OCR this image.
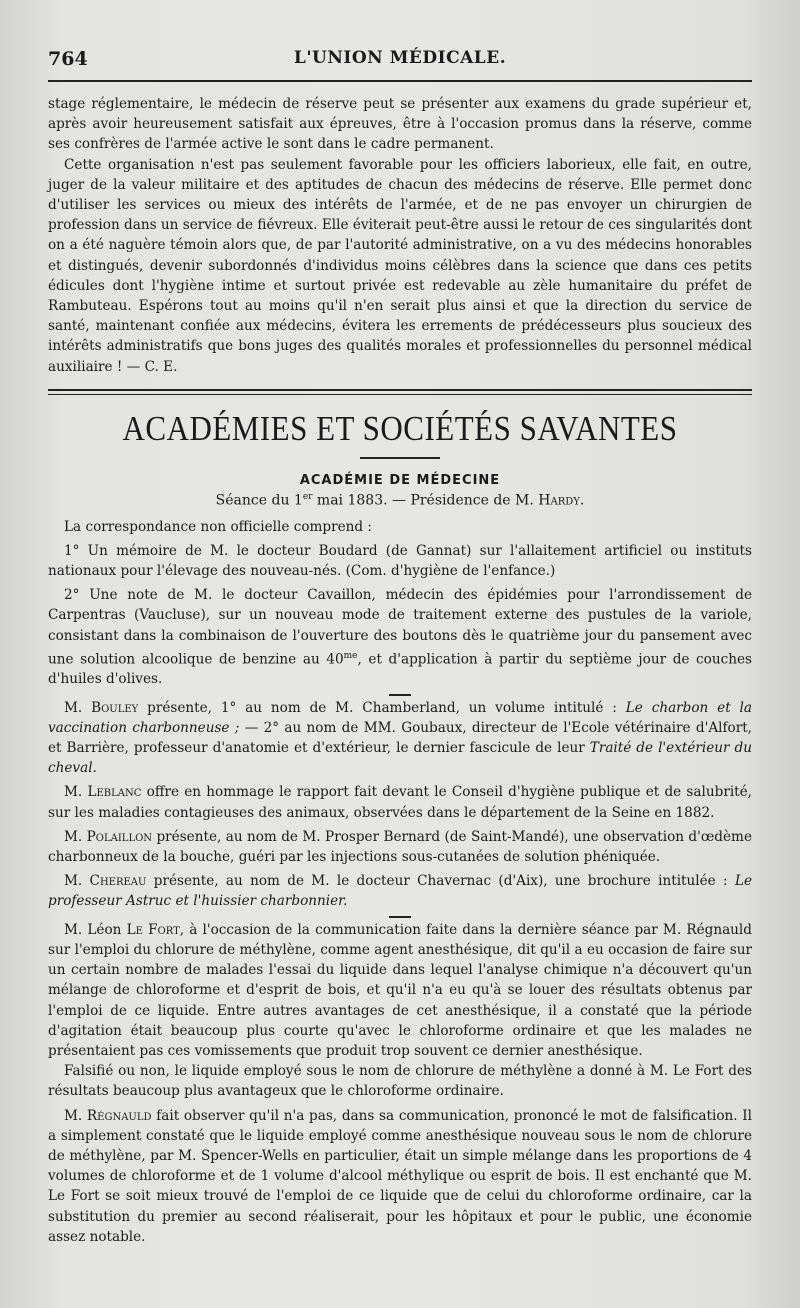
764	L'UNION MÉDICALE.

stage réglementaire, le médecin de réserve peut se présenter aux examens du grade supérieur et, après avoir heureusement satisfait aux épreuves, être à l'occasion promus dans la réserve, comme ses confrères de l'armée active le sont dans le cadre permanent.

Cette organisation n'est pas seulement favorable pour les officiers laborieux, elle fait, en outre, juger de la valeur militaire et des aptitudes de chacun des médecins de réserve. Elle permet donc d'utiliser les services ou mieux des intérêts de l'armée, et de ne pas envoyer un chirurgien de profession dans un service de fiévreux. Elle éviterait peut-être aussi le retour de ces singularités dont on a été naguère témoin alors que, de par l'autorité administrative, on a vu des médecins honorables et distingués, devenir subordonnés d'individus moins célèbres dans la science que dans ces petits édicules dont l'hygiène intime et surtout privée est redevable au zèle humanitaire du préfet de Rambuteau. Espérons tout au moins qu'il n'en serait plus ainsi et que la direction du service de santé, maintenant confiée aux médecins, évitera les errements de prédécesseurs plus soucieux des intérêts administratifs que bons juges des qualités morales et professionnelles du personnel médical auxiliaire ! — C. E.

ACADÉMIES ET SOCIÉTÉS SAVANTES
ACADÉMIE DE MÉDECINE
Séance du 1er mai 1883. — Présidence de M. Hardy.

La correspondance non officielle comprend :

1° Un mémoire de M. le docteur Boudard (de Gannat) sur l'allaitement artificiel ou instituts nationaux pour l'élevage des nouveau-nés. (Com. d'hygiène de l'enfance.)

2° Une note de M. le docteur Cavaillon, médecin des épidémies pour l'arrondissement de Carpentras (Vaucluse), sur un nouveau mode de traitement externe des pustules de la variole, consistant dans la combinaison de l'ouverture des boutons dès le quatrième jour du pansement avec une solution alcoolique de benzine au $40^{me}$, et d'application à partir du septième jour de couches d'huiles d'olives.

M. Bouley présente, 1° au nom de M. Chamberland, un volume intitulé : Le charbon et la vaccination charbonneuse ; — 2° au nom de MM. Goubaux, directeur de l'Ecole vétérinaire d'Alfort, et Barrière, professeur d'anatomie et d'extérieur, le dernier fascicule de leur Traité de l'extérieur du cheval.

M. Leblanc offre en hommage le rapport fait devant le Conseil d'hygiène publique et de salubrité, sur les maladies contagieuses des animaux, observées dans le département de la Seine en 1882.

M. Polaillon présente, au nom de M. Prosper Bernard (de Saint-Mandé), une observation d'œdème charbonneux de la bouche, guéri par les injections sous-cutanées de solution phéniquée.

M. Chereau présente, au nom de M. le docteur Chavernac (d'Aix), une brochure intitulée : Le professeur Astruc et l'huissier charbonnier.

M. Léon Le Fort, à l'occasion de la communication faite dans la dernière séance par M. Régnauld sur l'emploi du chlorure de méthylène, comme agent anesthésique, dit qu'il a eu occasion de faire sur un certain nombre de malades l'essai du liquide dans lequel l'analyse chimique n'a découvert qu'un mélange de chloroforme et d'esprit de bois, et qu'il n'a eu qu'à se louer des résultats obtenus par l'emploi de ce liquide. Entre autres avantages de cet anesthésique, il a constaté que la période d'agitation était beaucoup plus courte qu'avec le chloroforme ordinaire et que les malades ne présentaient pas ces vomissements que produit trop souvent ce dernier anesthésique.

Falsifié ou non, le liquide employé sous le nom de chlorure de méthylène a donné à M. Le Fort des résultats beaucoup plus avantageux que le chloroforme ordinaire.

M. Régnauld fait observer qu'il n'a pas, dans sa communication, prononcé le mot de falsification. Il a simplement constaté que le liquide employé comme anesthésique nouveau sous le nom de chlorure de méthylène, par M. Spencer-Wells en particulier, était un simple mélange dans les proportions de 4 volumes de chloroforme et de 1 volume d'alcool méthylique ou esprit de bois. Il est enchanté que M. Le Fort se soit mieux trouvé de l'emploi de ce liquide que de celui du chloroforme ordinaire, car la substitution du premier au second réaliserait, pour les hôpitaux et pour le public, une économie assez notable.
